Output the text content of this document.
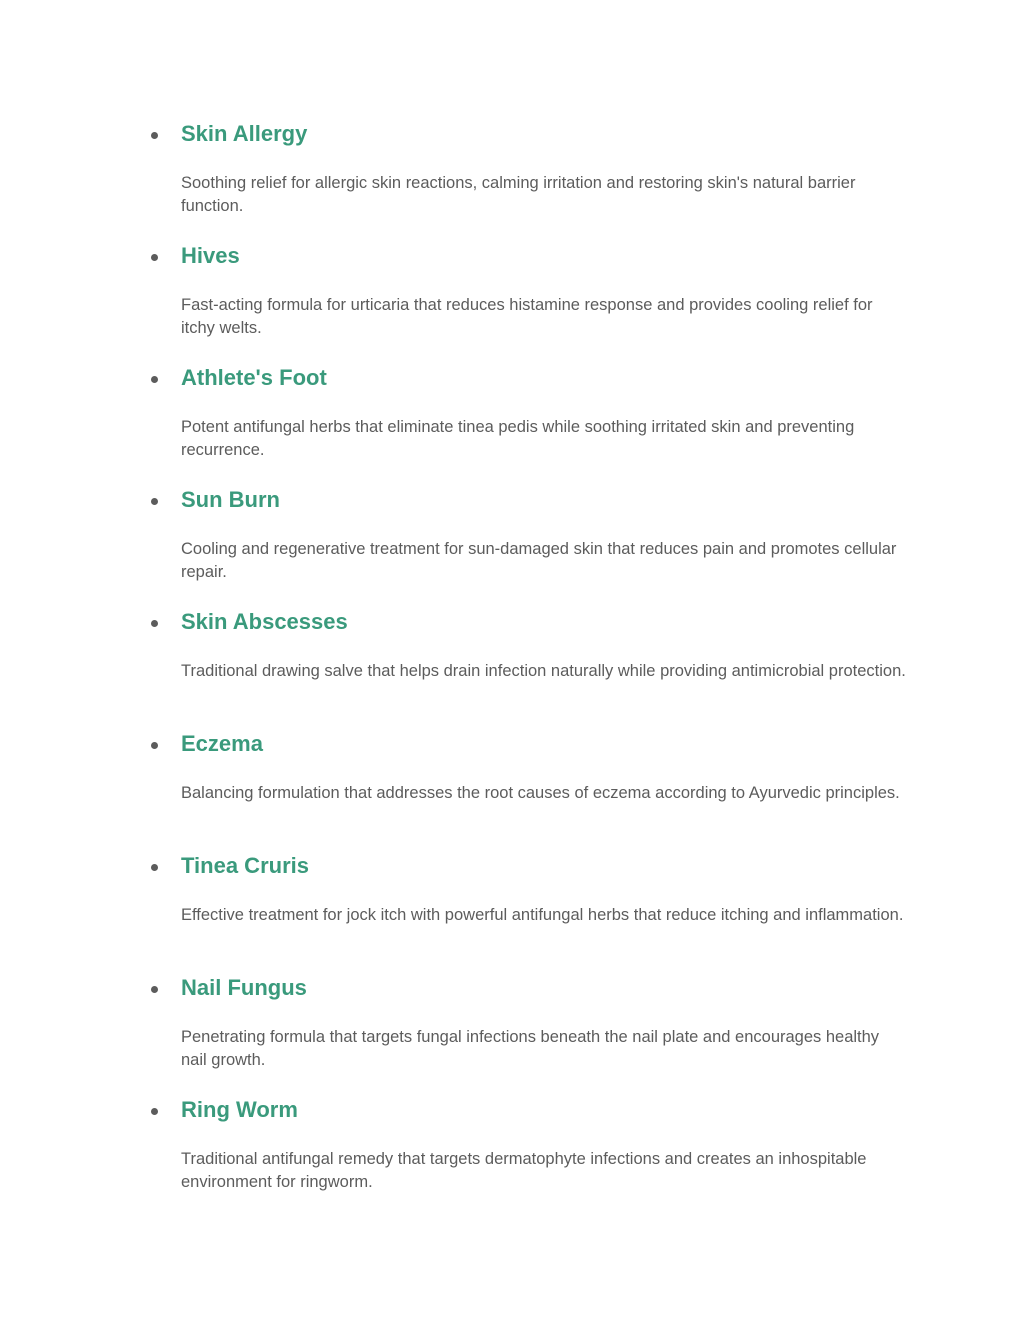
Skin Allergy

Soothing relief for allergic skin reactions, calming irritation and restoring skin's natural barrier function.

Hives

Fast-acting formula for urticaria that reduces histamine response and provides cooling relief for itchy welts.

Athlete's Foot

Potent antifungal herbs that eliminate tinea pedis while soothing irritated skin and preventing recurrence.

Sun Burn

Cooling and regenerative treatment for sun-damaged skin that reduces pain and promotes cellular repair.

Skin Abscesses

Traditional drawing salve that helps drain infection naturally while providing antimicrobial protection.

Eczema

Balancing formulation that addresses the root causes of eczema according to Ayurvedic principles.

Tinea Cruris

Effective treatment for jock itch with powerful antifungal herbs that reduce itching and inflammation.

Nail Fungus

Penetrating formula that targets fungal infections beneath the nail plate and encourages healthy nail growth.

Ring Worm

Traditional antifungal remedy that targets dermatophyte infections and creates an inhospitable environment for ringworm.
